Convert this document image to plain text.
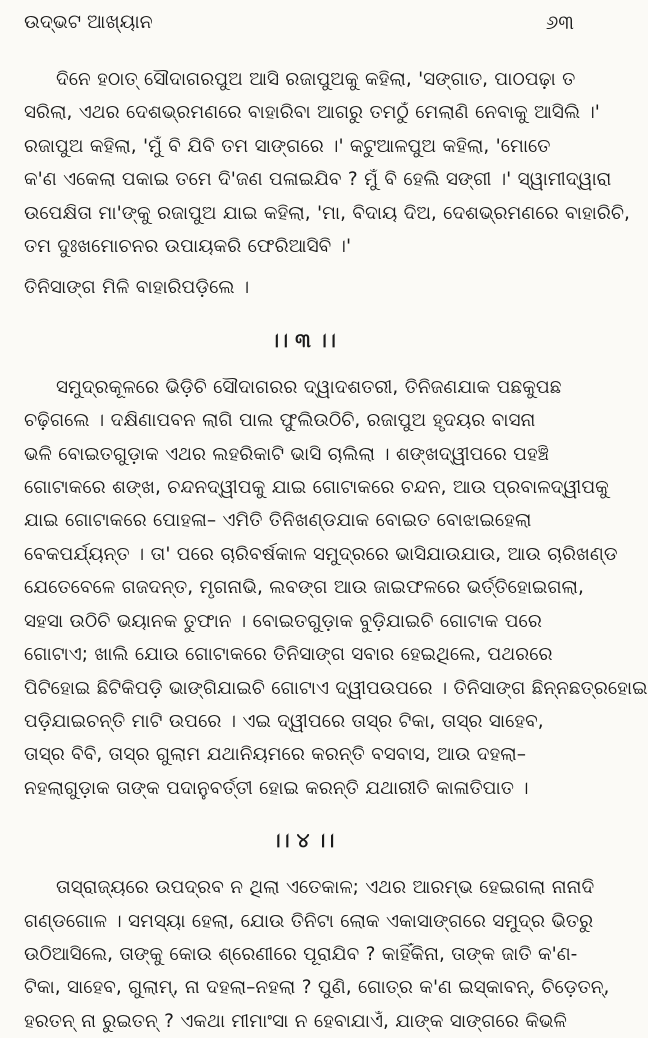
ଉଦ୍‌ଭଟ ଆଖ୍ୟାନ	୬୩

ଦିନେ ହଠାତ୍ ସୌଦାଗରପୁଅ ଆସି ରଜାପୁଅକୁ କହିଲା, 'ସଙ୍ଗାତ, ପାଠପଢ଼ା ତ
ସରିଲା, ଏଥର ଦେଶଭ୍ରମଣରେ ବାହାରିବା ଆଗରୁ ତମଠୁଁ ମେଲାଣି ନେବାକୁ ଆସିଲି ।'
ରଜାପୁଅ କହିଲା, 'ମୁଁ ବି ଯିବି ତମ ସାଙ୍ଗରେ ।' କଟୁଆଳପୁଅ କହିଲା, 'ମୋତେ
କ'ଣ ଏକେଲା ପକାଇ ତମେ ଦି'ଜଣ ପଳାଇଯିବ ? ମୁଁ ବି ହେଲି ସଙ୍ଗୀ ।' ସ୍ୱାମୀଦ୍ୱାରା
ଉପେକ୍ଷିତା ମା'ଙ୍କୁ ରଜାପୁଅ ଯାଇ କହିଲା, 'ମା, ବିଦାୟ ଦିଅ, ଦେଶଭ୍ରମଣରେ ବାହାରିଚି,
ତମ ଦୁଃଖମୋଚନର ଉପାୟକରି ଫେରିଆସିବି ।'

ତିନିସାଙ୍ଗ ମିଳି ବାହାରିପଡ଼ିଲେ ।

।। ୩ ।।

ସମୁଦ୍ରକୂଳରେ ଭିଡ଼ିଚି ସୌଦାଗରର ଦ୍ୱାଦଶତରୀ, ତିନିଜଣଯାକ ପଛକୁପଛ
ଚଢ଼ିଗଲେ । ଦକ୍ଷିଣାପବନ ଲାଗି ପାଲ ଫୁଲିଉଠିଚି, ରଜାପୁଅ ହୃଦୟର ବାସନା
ଭଳି ବୋଇତଗୁଡ଼ାକ ଏଥର ଲହରିକାଟି ଭାସି ଚାଲିଲା । ଶଙ୍ଖଦ୍ୱୀପରେ ପହଞ୍ଚି
ଗୋଟାକରେ ଶଙ୍ଖ, ଚନ୍ଦନଦ୍ୱୀପକୁ ଯାଇ ଗୋଟାକରେ ଚନ୍ଦନ, ଆଉ ପ୍ରବାଳଦ୍ୱୀପକୁ
ଯାଇ ଗୋଟାକରେ ପୋହଳା– ଏମିତି ତିନିଖଣ୍ଡଯାକ ବୋଇତ ବୋଝାଇହେଲା
ବେକପର୍ଯ୍ୟନ୍ତ । ତା' ପରେ ଚାରିବର୍ଷକାଳ ସମୁଦ୍ରରେ ଭାସିଯାଉଯାଉ, ଆଉ ଚାରିଖଣ୍ଡ
ଯେତେବେଳେ ଗଜଦନ୍ତ, ମୃଗନାଭି, ଲବଙ୍ଗ ଆଉ ଜାଇଫଳରେ ଭର୍ତ୍ତିହୋଇଗଲା,
ସହସା ଉଠିଚି ଭୟାନକ ତୁଫାନ । ବୋଇତଗୁଡ଼ାକ ବୁଡ଼ିଯାଇଚି ଗୋଟାକ ପରେ
ଗୋଟାଏ; ଖାଲି ଯୋଉ ଗୋଟାକରେ ତିନିସାଙ୍ଗ ସବାର ହେଇଥିଲେ, ପଥରରେ
ପିଟିହୋଇ ଛିଟିକିପଡ଼ି ଭାଙ୍ଗିଯାଇଚି ଗୋଟାଏ ଦ୍ୱୀପଉପରେ । ତିନିସାଙ୍ଗ ଛିନ୍ନଛତ୍ରହୋଇ
ପଡ଼ିଯାଇଚନ୍ତି ମାଟି ଉପରେ । ଏଇ ଦ୍ୱୀପରେ ତାସ୍‌ର ଟିକା, ତାସ୍‌ର ସାହେବ,
ତାସ୍‌ର ବିବି, ତାସ୍‌ର ଗୁଲାମ ଯଥାନିୟମରେ କରନ୍ତି ବସବାସ, ଆଉ ଦହଲା–
ନହଲାଗୁଡ଼ାକ ତାଙ୍କ ପଦାନୁବର୍ତ୍ତୀ ହୋଇ କରନ୍ତି ଯଥାରୀତି କାଳାତିପାତ ।

।। ୪ ।।

ତାସ୍‌ରାଜ୍ୟରେ ଉପଦ୍ରବ ନ ଥିଲା ଏତେକାଳ; ଏଥର ଆରମ୍ଭ ହେଇଗଲା ନାନାଦି
ଗଣ୍ଡଗୋଳ । ସମସ୍ୟା ହେଲା, ଯୋଉ ତିନିଟା ଲୋକ ଏକାସାଙ୍ଗରେ ସମୁଦ୍ର ଭିତରୁ
ଉଠିଆସିଲେ, ତାଙ୍କୁ କୋଉ ଶ୍ରେଣୀରେ ପୂରାଯିବ ? କାହିଁକିନା, ତାଙ୍କ ଜାତି କ'ଣ-
ଟିକା, ସାହେବ, ଗୁଲାମ୍, ନା ଦହଲା–ନହଲା ? ପୁଣି, ଗୋତ୍ର କ'ଣ ଇସ୍କାବନ୍, ଚିଡ଼େତନ୍,
ହରତନ୍ ନା ରୁଇତନ୍ ? ଏକଥା ମୀମାଂସା ନ ହେବାଯାଏଁ, ଯାଙ୍କ ସାଙ୍ଗରେ କିଭଳି
